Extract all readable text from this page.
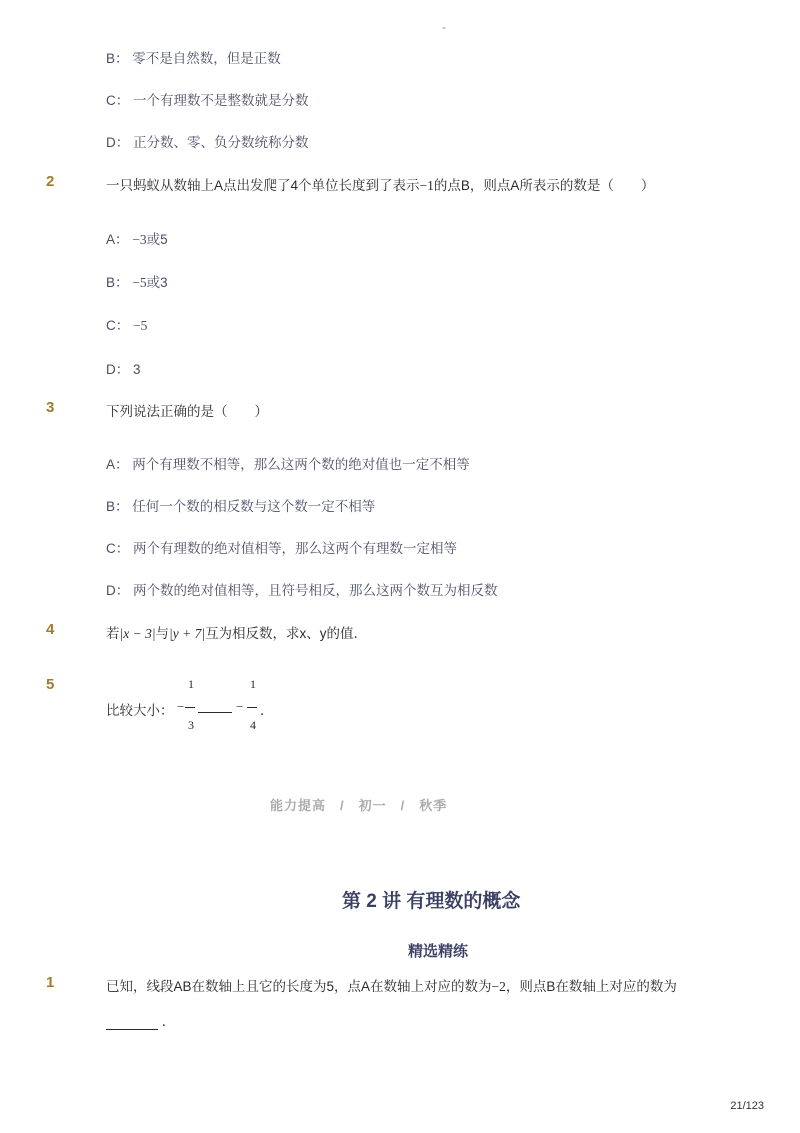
-
B： 零不是自然数，但是正数
C： 一个有理数不是整数就是分数
D： 正分数、零、负分数统称分数
2	一只蚂蚁从数轴上A点出发爬了4个单位长度到了表示−1的点B，则点A所表示的数是（　　）
A： −3或5
B： −5或3
C： −5
D： 3
3	下列说法正确的是（　　）
A： 两个有理数不相等，那么这两个数的绝对值也一定不相等
B： 任何一个数的相反数与这个数一定不相等
C： 两个有理数的绝对值相等，那么这两个有理数一定相等
D： 两个数的绝对值相等，且符号相反，那么这两个数互为相反数
4	若|x − 3|与|y + 7|互为相反数，求x、y的值．
5
比较大小：
1
−
3
−
1
4
．
能力提高　/　初一　/　秋季
第 2 讲 有理数的概念
精选精练
1	已知，线段AB在数轴上且它的长度为5，点A在数轴上对应的数为−2，则点B在数轴上对应的数为
．
21/123
